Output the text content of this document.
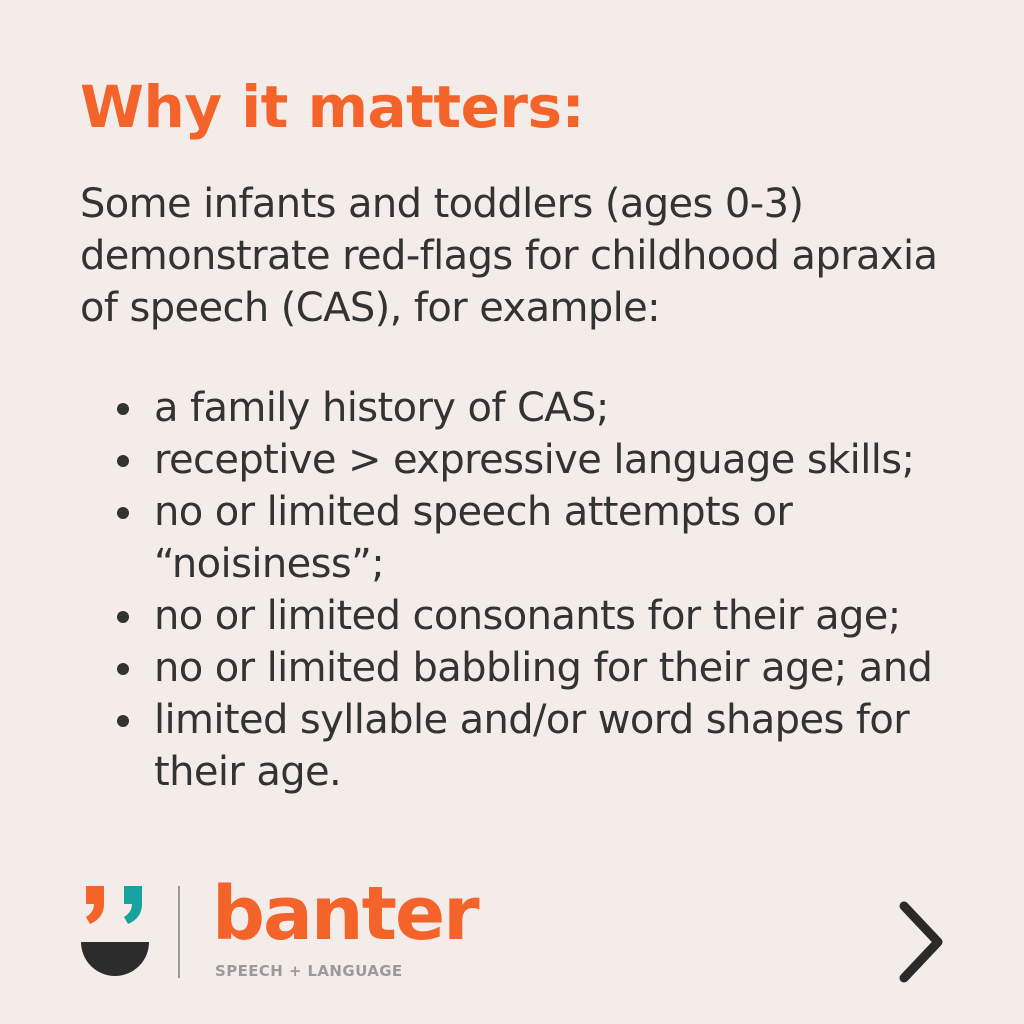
Why it matters:

Some infants and toddlers (ages 0-3) demonstrate red-flags for childhood apraxia of speech (CAS), for example:

a family history of CAS;
receptive > expressive language skills;
no or limited speech attempts or “noisiness”;
no or limited consonants for their age;
no or limited babbling for their age; and
limited syllable and/or word shapes for their age.
banter
SPEECH + LANGUAGE
